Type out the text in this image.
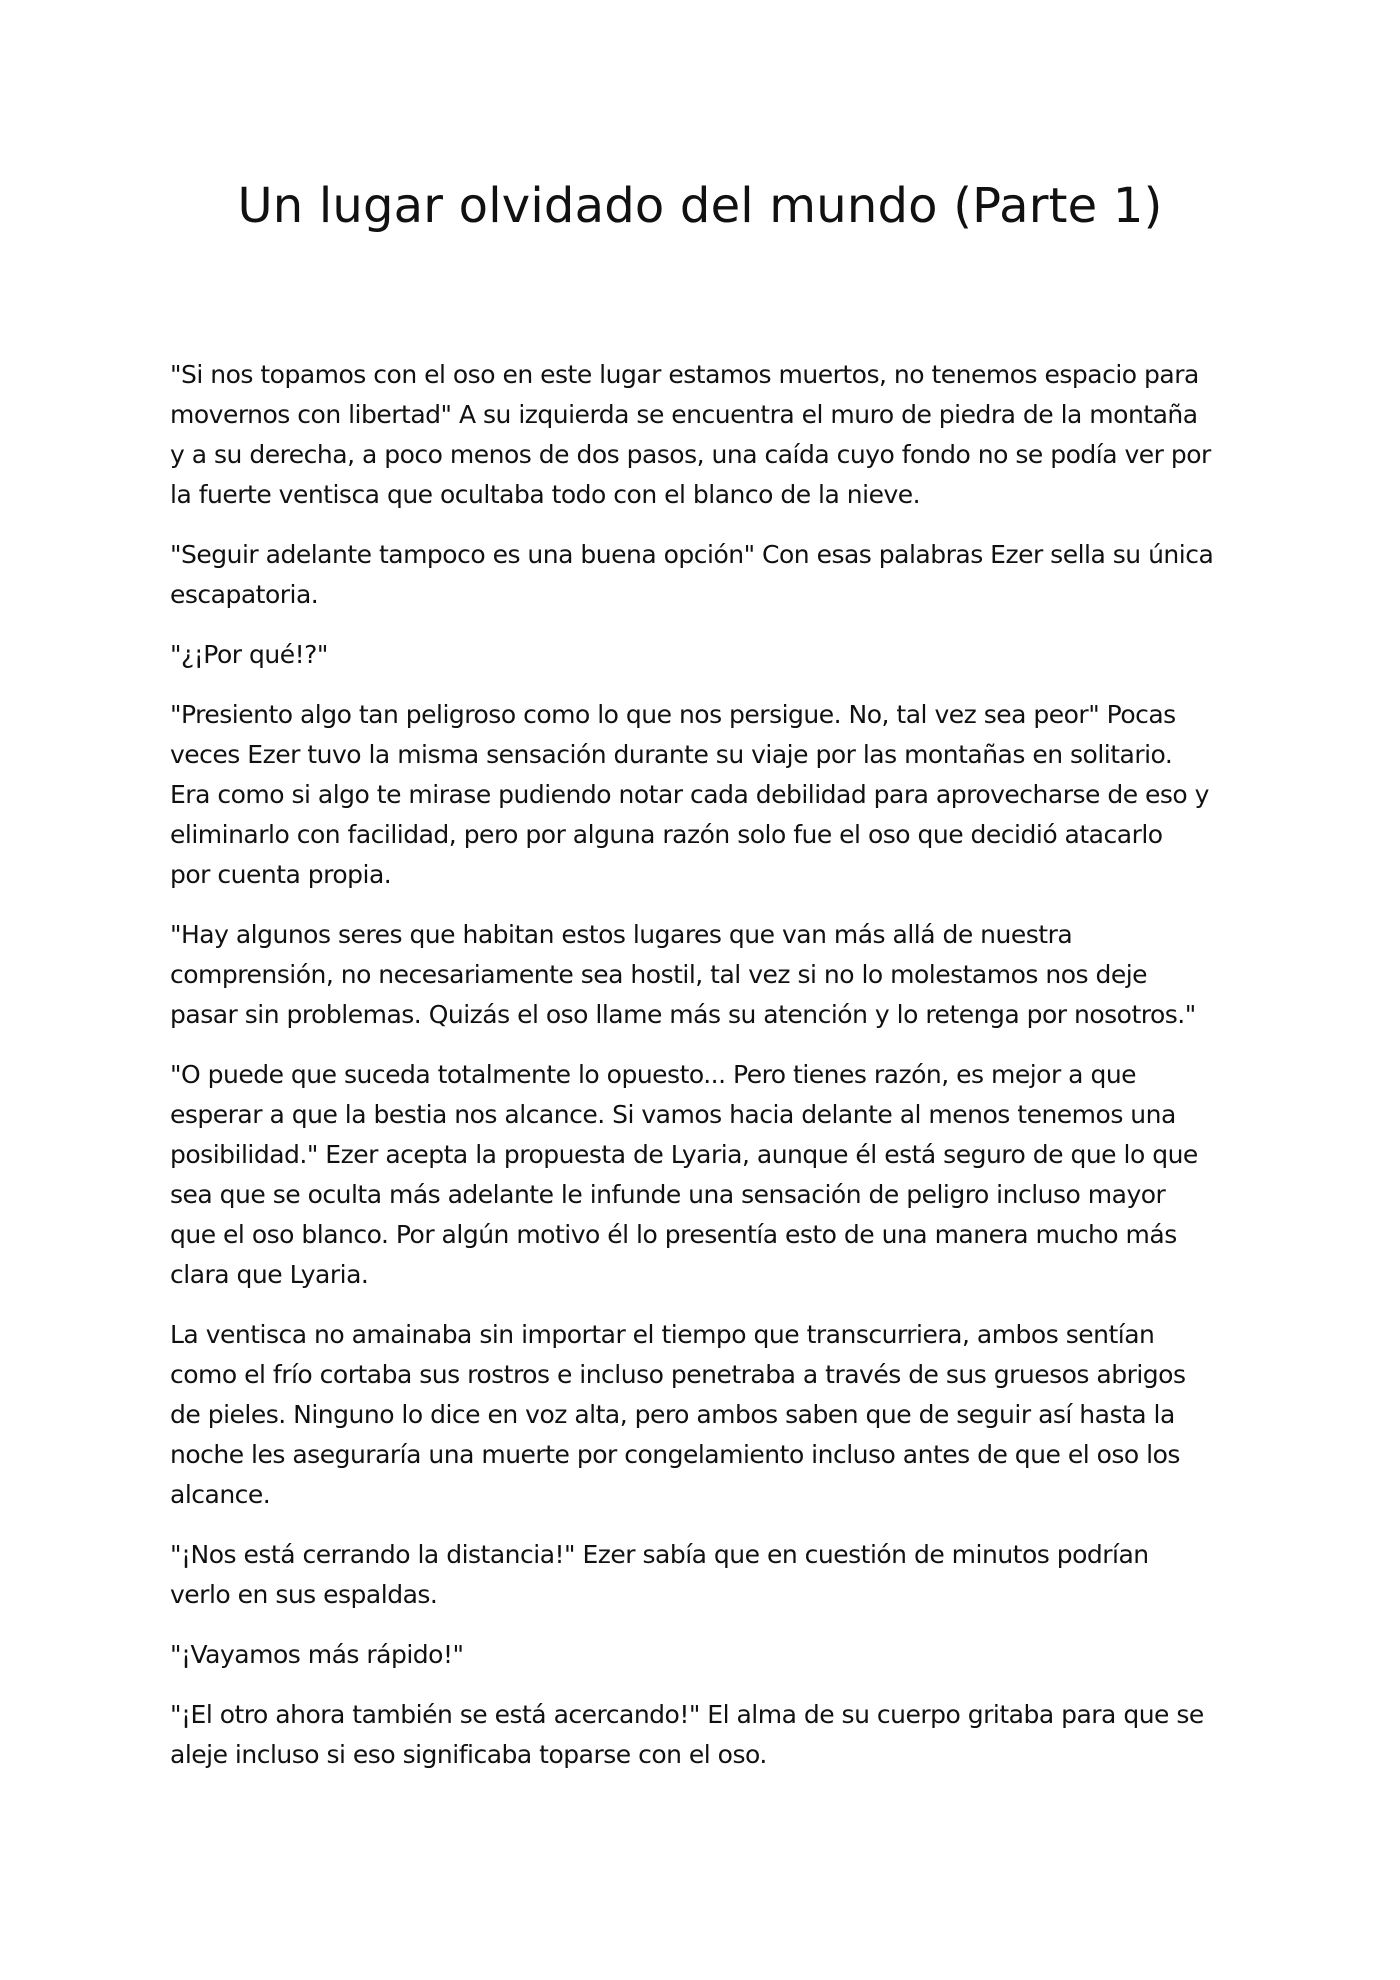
Un lugar olvidado del mundo (Parte 1)

"Si nos topamos con el oso en este lugar estamos muertos, no tenemos espacio para
movernos con libertad" A su izquierda se encuentra el muro de piedra de la montaña
y a su derecha, a poco menos de dos pasos, una caída cuyo fondo no se podía ver por
la fuerte ventisca que ocultaba todo con el blanco de la nieve.

"Seguir adelante tampoco es una buena opción" Con esas palabras Ezer sella su única
escapatoria.

"¿¡Por qué!?"

"Presiento algo tan peligroso como lo que nos persigue. No, tal vez sea peor" Pocas
veces Ezer tuvo la misma sensación durante su viaje por las montañas en solitario.
Era como si algo te mirase pudiendo notar cada debilidad para aprovecharse de eso y
eliminarlo con facilidad, pero por alguna razón solo fue el oso que decidió atacarlo
por cuenta propia.

"Hay algunos seres que habitan estos lugares que van más allá de nuestra
comprensión, no necesariamente sea hostil, tal vez si no lo molestamos nos deje
pasar sin problemas. Quizás el oso llame más su atención y lo retenga por nosotros."

"O puede que suceda totalmente lo opuesto... Pero tienes razón, es mejor a que
esperar a que la bestia nos alcance. Si vamos hacia delante al menos tenemos una
posibilidad." Ezer acepta la propuesta de Lyaria, aunque él está seguro de que lo que
sea que se oculta más adelante le infunde una sensación de peligro incluso mayor
que el oso blanco. Por algún motivo él lo presentía esto de una manera mucho más
clara que Lyaria.

La ventisca no amainaba sin importar el tiempo que transcurriera, ambos sentían
como el frío cortaba sus rostros e incluso penetraba a través de sus gruesos abrigos
de pieles. Ninguno lo dice en voz alta, pero ambos saben que de seguir así hasta la
noche les aseguraría una muerte por congelamiento incluso antes de que el oso los
alcance.

"¡Nos está cerrando la distancia!" Ezer sabía que en cuestión de minutos podrían
verlo en sus espaldas.

"¡Vayamos más rápido!"

"¡El otro ahora también se está acercando!" El alma de su cuerpo gritaba para que se
aleje incluso si eso significaba toparse con el oso.
